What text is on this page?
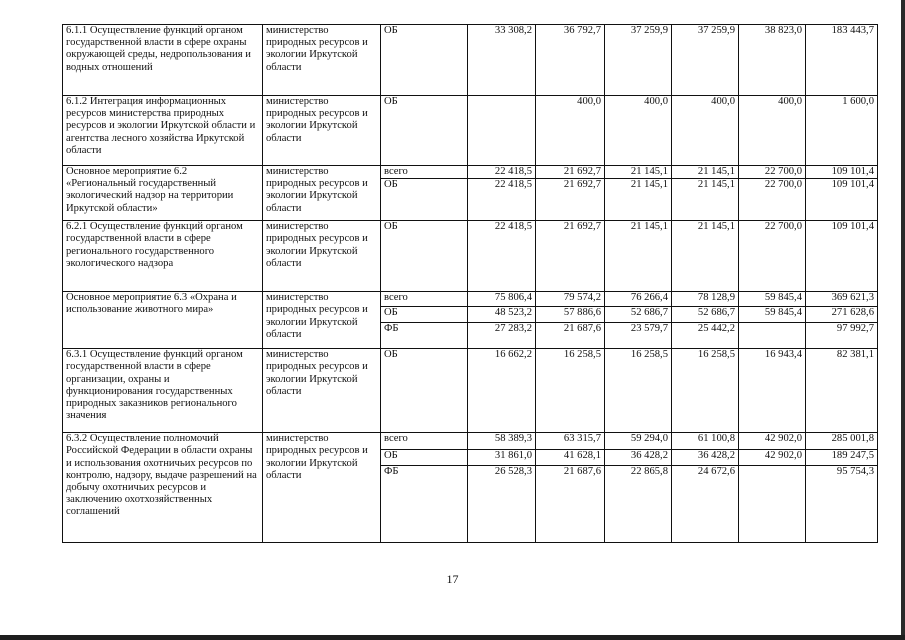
6.1.1 Осуществление функций органом государственной власти в сфере охраны окружающей среды, недропользования и водных отношений	министерство природных ресурсов и экологии Иркутской области	ОБ	33 308,2	36 792,7	37 259,9	37 259,9	38 823,0	183 443,7
6.1.2 Интеграция информационных ресурсов министерства природных ресурсов и экологии Иркутской области и агентства лесного хозяйства Иркутской области	министерство природных ресурсов и экологии Иркутской области	ОБ		400,0	400,0	400,0	400,0	1 600,0
Основное мероприятие 6.2 «Региональный государственный экологический надзор на территории Иркутской области»	министерство природных ресурсов и экологии Иркутской области	всего	22 418,5	21 692,7	21 145,1	21 145,1	22 700,0	109 101,4
		ОБ	22 418,5	21 692,7	21 145,1	21 145,1	22 700,0	109 101,4
6.2.1 Осуществление функций органом государственной власти в сфере регионального государственного экологического надзора	министерство природных ресурсов и экологии Иркутской области	ОБ	22 418,5	21 692,7	21 145,1	21 145,1	22 700,0	109 101,4
Основное мероприятие 6.3 «Охрана и использование животного мира»	министерство природных ресурсов и экологии Иркутской области	всего	75 806,4	79 574,2	76 266,4	78 128,9	59 845,4	369 621,3
		ОБ	48 523,2	57 886,6	52 686,7	52 686,7	59 845,4	271 628,6
		ФБ	27 283,2	21 687,6	23 579,7	25 442,2		97 992,7
6.3.1 Осуществление функций органом государственной власти в сфере организации, охраны и функционирования государственных природных заказников регионального значения	министерство природных ресурсов и экологии Иркутской области	ОБ	16 662,2	16 258,5	16 258,5	16 258,5	16 943,4	82 381,1
6.3.2 Осуществление полномочий Российской Федерации в области охраны и использования охотничьих ресурсов по контролю, надзору, выдаче разрешений на добычу охотничьих ресурсов и заключению охотхозяйственных соглашений	министерство природных ресурсов и экологии Иркутской области	всего	58 389,3	63 315,7	59 294,0	61 100,8	42 902,0	285 001,8
		ОБ	31 861,0	41 628,1	36 428,2	36 428,2	42 902,0	189 247,5
		ФБ	26 528,3	21 687,6	22 865,8	24 672,6		95 754,3
17
